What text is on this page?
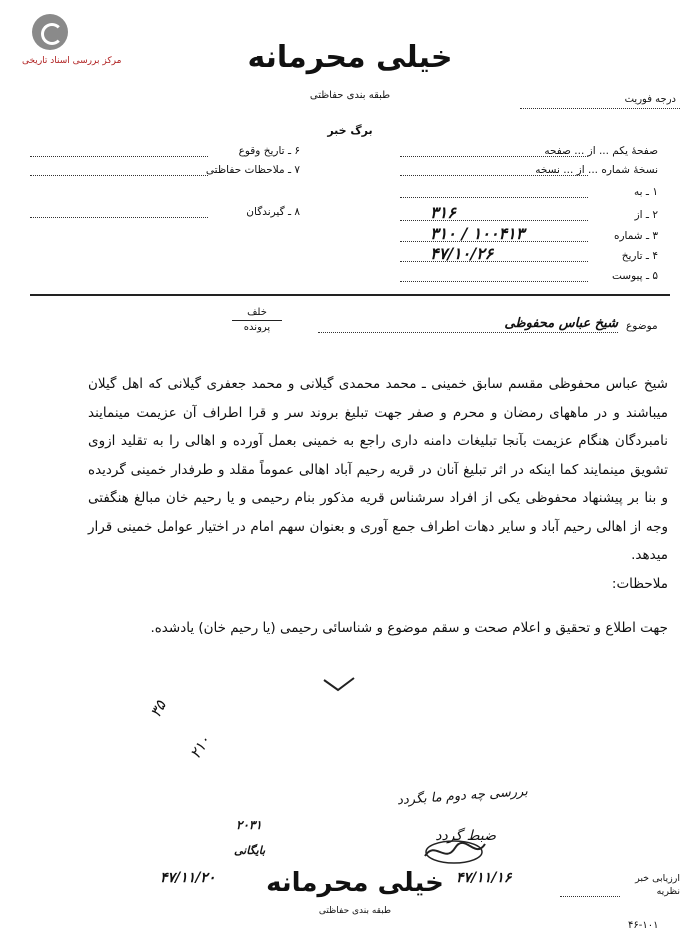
مرکز بررسی اسناد تاریخی	خیلی محرمانه
طبقه بندی حفاظتی
برگ خبر
درجه فوریت
صفحۀ یکم ... از ... صفحه
نسخۀ شماره ... از ... نسخه
۱ ـ به
۲ ـ از
۳۱۶
۳ ـ شماره
۱۰۰۴۱۳ / ۳۱۰
۴ ـ تاریخ
۴۷/۱۰/۲۶
۵ ـ پیوست
۶ ـ تاریخ وقوع
۷ ـ ملاحظات حفاظتی
۸ ـ گیرندگان
خلف
پرونده	موضوع
شیخ عباس محفوظی

شیخ عباس محفوظی مقسم سابق خمینی ـ محمد محمدی گیلانی و محمد جعفری گیلانی که اهل گیلان میباشند و در ماههای رمضان و محرم و صفر جهت تبلیغ بروند سر و قرا اطراف آن عزیمت مینمایند نامبردگان هنگام عزیمت بآنجا تبلیغات دامنه داری راجع به خمینی بعمل آورده و اهالی را به تقلید ازوی تشویق مینمایند کما اینکه در اثر تبلیغ آنان در قریه رحیم آباد اهالی عموماً مقلد و طرفدار خمینی گردیده و بنا بر پیشنهاد محفوظی یکی از افراد سرشناس قریه مذکور بنام رحیمی و یا رحیم خان مبالغ هنگفتی وجه از اهالی رحیم آباد و سایر دهات اطراف جمع آوری و بعنوان سهم امام در اختیار عوامل خمینی قرار میدهد.

ملاحظات:

جهت اطلاع و تحقیق و اعلام صحت و سقم موضوع و شناسائی رحیمی (یا رحیم خان) یادشده.
۳۵
۲۱۰
بررسی چه دوم ما بگردد
ضبط گردد
۲۰۳۱
بایگانی
۴۷/۱۱/۲۰	خیلی محرمانه
طبقه بندی حفاظتی
۴۷/۱۱/۱۶	ارزیابی خبر
نظریه
۴۶-۱۰۱
